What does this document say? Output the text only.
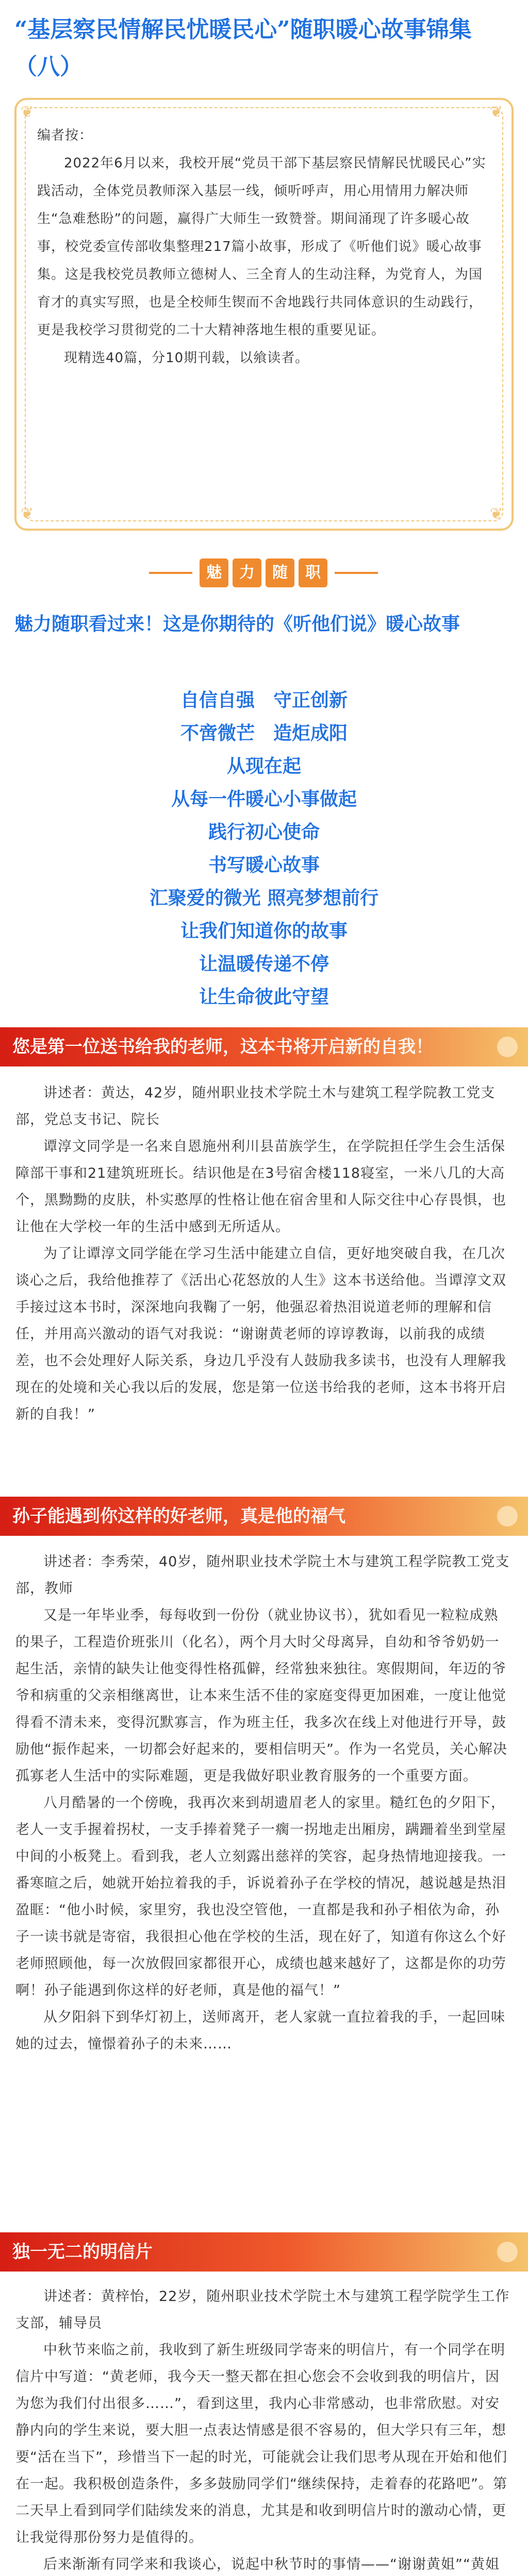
“基层察民情解民忧暖民心”随职暖心故事锦集（八）
❦	❦
❦	❦
编者按：

2022年6月以来，我校开展“党员干部下基层察民情解民忧暖民心”实践活动，全体党员教师深入基层一线，倾听呼声，用心用情用力解决师生“急难愁盼”的问题，赢得广大师生一致赞誉。期间涌现了许多暖心故事，校党委宣传部收集整理217篇小故事，形成了《听他们说》暖心故事集。这是我校党员教师立德树人、三全育人的生动注释，为党育人，为国育才的真实写照，也是全校师生锲而不舍地践行共同体意识的生动践行，更是我校学习贯彻党的二十大精神落地生根的重要见证。

现精选40篇，分10期刊载，以飨读者。

魅	力	随	职
魅力随职看过来！这是你期待的《听他们说》暖心故事
自信自强　守正创新
不啻微芒　造炬成阳
从现在起
从每一件暖心小事做起
践行初心使命
书写暖心故事
汇聚爱的微光 照亮梦想前行
让我们知道你的故事
让温暖传递不停
让生命彼此守望
您是第一位送书给我的老师，这本书将开启新的自我！

讲述者：黄达，42岁，随州职业技术学院土木与建筑工程学院教工党支部，党总支书记、院长

谭淳文同学是一名来自恩施州利川县苗族学生，在学院担任学生会生活保障部干事和21建筑班班长。结识他是在3号宿舍楼118寝室，一米八几的大高个，黑黝黝的皮肤，朴实憨厚的性格让他在宿舍里和人际交往中心存畏惧，也让他在大学校一年的生活中感到无所适从。

为了让谭淳文同学能在学习生活中能建立自信，更好地突破自我，在几次谈心之后，我给他推荐了《活出心花怒放的人生》这本书送给他。当谭淳文双手接过这本书时，深深地向我鞠了一躬，他强忍着热泪说道老师的理解和信任，并用高兴激动的语气对我说：“谢谢黄老师的谆谆教诲，以前我的成绩差，也不会处理好人际关系，身边几乎没有人鼓励我多读书，也没有人理解我现在的处境和关心我以后的发展，您是第一位送书给我的老师，这本书将开启新的自我！”

孙子能遇到你这样的好老师，真是他的福气

讲述者：李秀荣，40岁，随州职业技术学院土木与建筑工程学院教工党支部，教师

又是一年毕业季，每每收到一份份（就业协议书），犹如看见一粒粒成熟的果子，工程造价班张川（化名），两个月大时父母离异，自幼和爷爷奶奶一起生活，亲情的缺失让他变得性格孤僻，经常独来独往。寒假期间，年迈的爷爷和病重的父亲相继离世，让本来生活不佳的家庭变得更加困难，一度让他觉得看不清未来，变得沉默寡言，作为班主任，我多次在线上对他进行开导，鼓励他“振作起来，一切都会好起来的，要相信明天”。作为一名党员，关心解决孤寡老人生活中的实际难题，更是我做好职业教育服务的一个重要方面。

八月酷暑的一个傍晚，我再次来到胡遗眉老人的家里。糙红色的夕阳下，老人一支手握着拐杖，一支手捧着凳子一瘸一拐地走出厢房，蹒跚着坐到堂屋中间的小板凳上。看到我，老人立刻露出慈祥的笑容，起身热情地迎接我。一番寒暄之后，她就开始拉着我的手，诉说着孙子在学校的情况，越说越是热泪盈眶：“他小时候，家里穷，我也没空管他，一直都是我和孙子相依为命，孙子一读书就是寄宿，我很担心他在学校的生活，现在好了，知道有你这么个好老师照顾他，每一次放假回家都很开心，成绩也越来越好了，这都是你的功劳啊！孙子能遇到你这样的好老师，真是他的福气！”

从夕阳斜下到华灯初上，送师离开，老人家就一直拉着我的手，一起回味她的过去，憧憬着孙子的未来……

独一无二的明信片

讲述者：黄梓怡，22岁，随州职业技术学院土木与建筑工程学院学生工作支部，辅导员

中秋节来临之前，我收到了新生班级同学寄来的明信片，有一个同学在明信片中写道：“黄老师，我今天一整天都在担心您会不会收到我的明信片，因为您为我们付出很多……”，看到这里，我内心非常感动，也非常欣慰。对安静内向的学生来说，要大胆一点表达情感是很不容易的，但大学只有三年，想要“活在当下”，珍惜当下一起的时光，可能就会让我们思考从现在开始和他们在一起。我积极创造条件，多多鼓励同学们“继续保持，走着春的花路吧”。第二天早上看到同学们陆续发来的消息，尤其是和收到明信片时的激动心情，更让我觉得那份努力是值得的。

后来渐渐有同学来和我谈心，说起中秋节时的事情——“谢谢黄姐”“黄姐
